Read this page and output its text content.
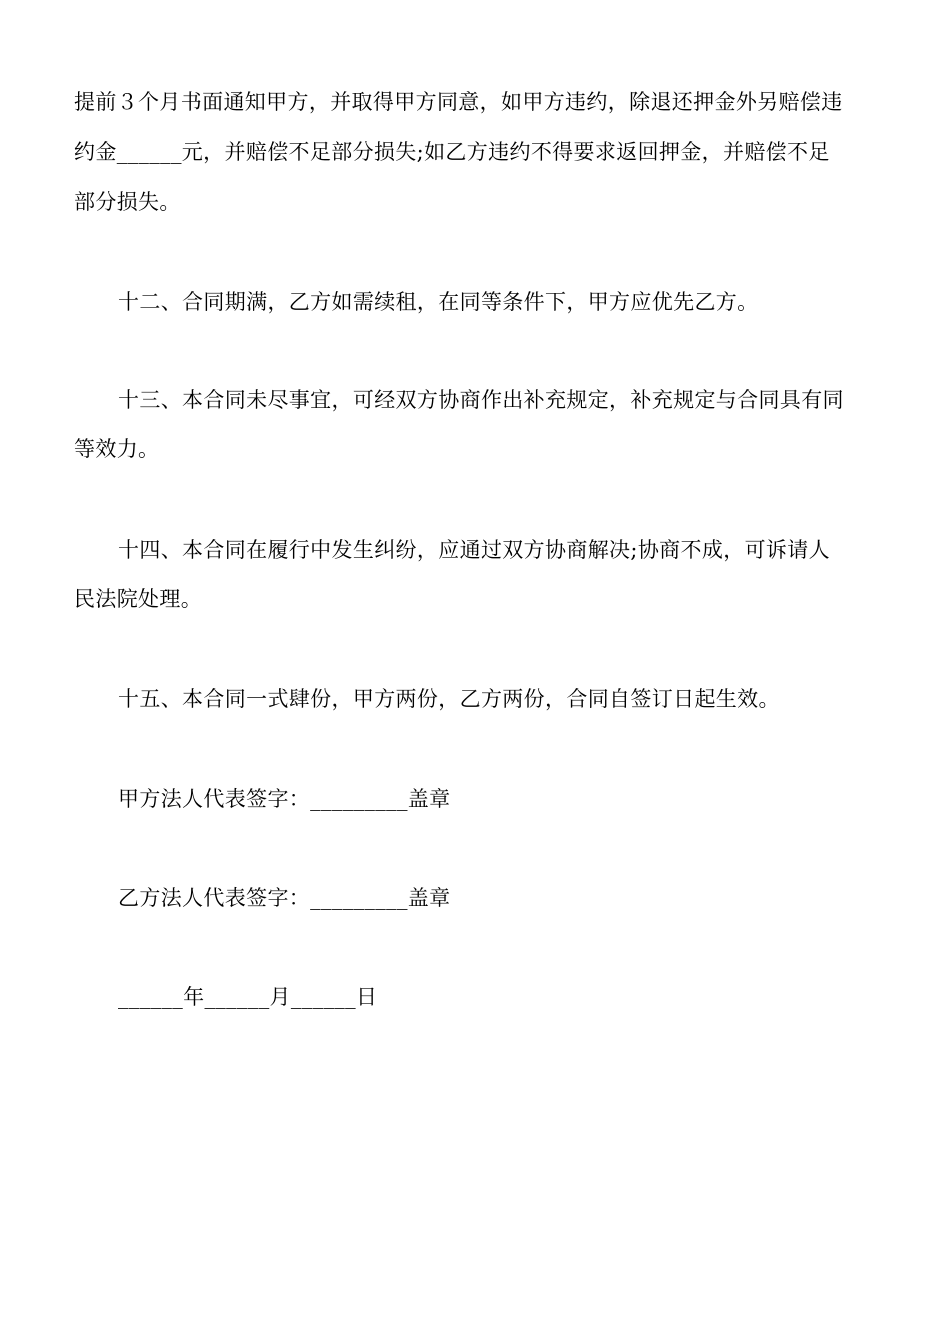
提前３个月书面通知甲方，并取得甲方同意，如甲方违约，除退还押金外另赔偿违
约金______元，并赔偿不足部分损失;如乙方违约不得要求返回押金，并赔偿不足
部分损失。
十二、合同期满，乙方如需续租，在同等条件下，甲方应优先乙方。
十三、本合同未尽事宜，可经双方协商作出补充规定，补充规定与合同具有同
等效力。
十四、本合同在履行中发生纠纷，应通过双方协商解决;协商不成，可诉请人
民法院处理。
十五、本合同一式肆份，甲方两份，乙方两份，合同自签订日起生效。
甲方法人代表签字：_________盖章
乙方法人代表签字：_________盖章
______年______月______日
